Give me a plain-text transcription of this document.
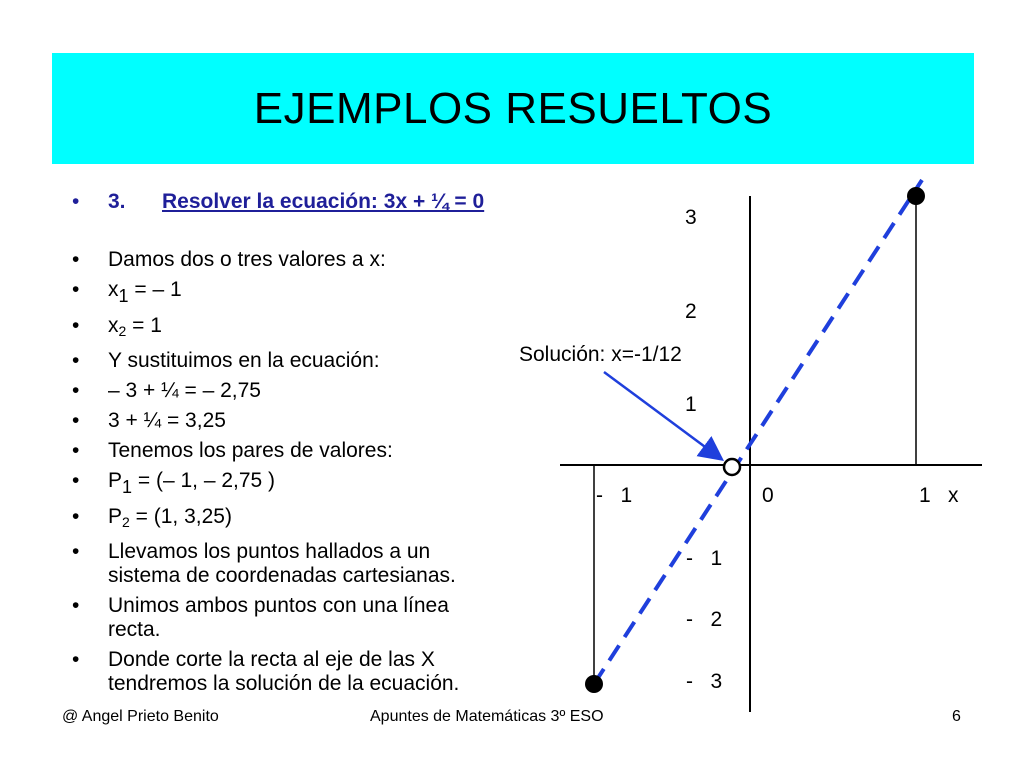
EJEMPLOS RESUELTOS
• 3. Resolver la ecuación: 3x + ¼ = 0
• Damos dos o tres valores a x:
• x1 = – 1
• $x_2 = 1$
• Y sustituimos en la ecuación:
• – 3 + ¼ = – 2,75
• 3 + ¼ = 3,25
• Tenemos los pares de valores:
• P1 = (– 1, – 2,75 )
• $P_2 = (1$, 3,25)
• Llevamos los puntos hallados a un
sistema de coordenadas cartesianas.
• Unimos ambos puntos con una línea
recta.
• Donde corte la recta al eje de las X
tendremos la solución de la ecuación.
3
2
1
-   1
-   2
-   3
-   1	0	1 x
Solución: x=-1/12
@ Angel Prieto Benito	Apuntes de Matemáticas 3º ESO	6
